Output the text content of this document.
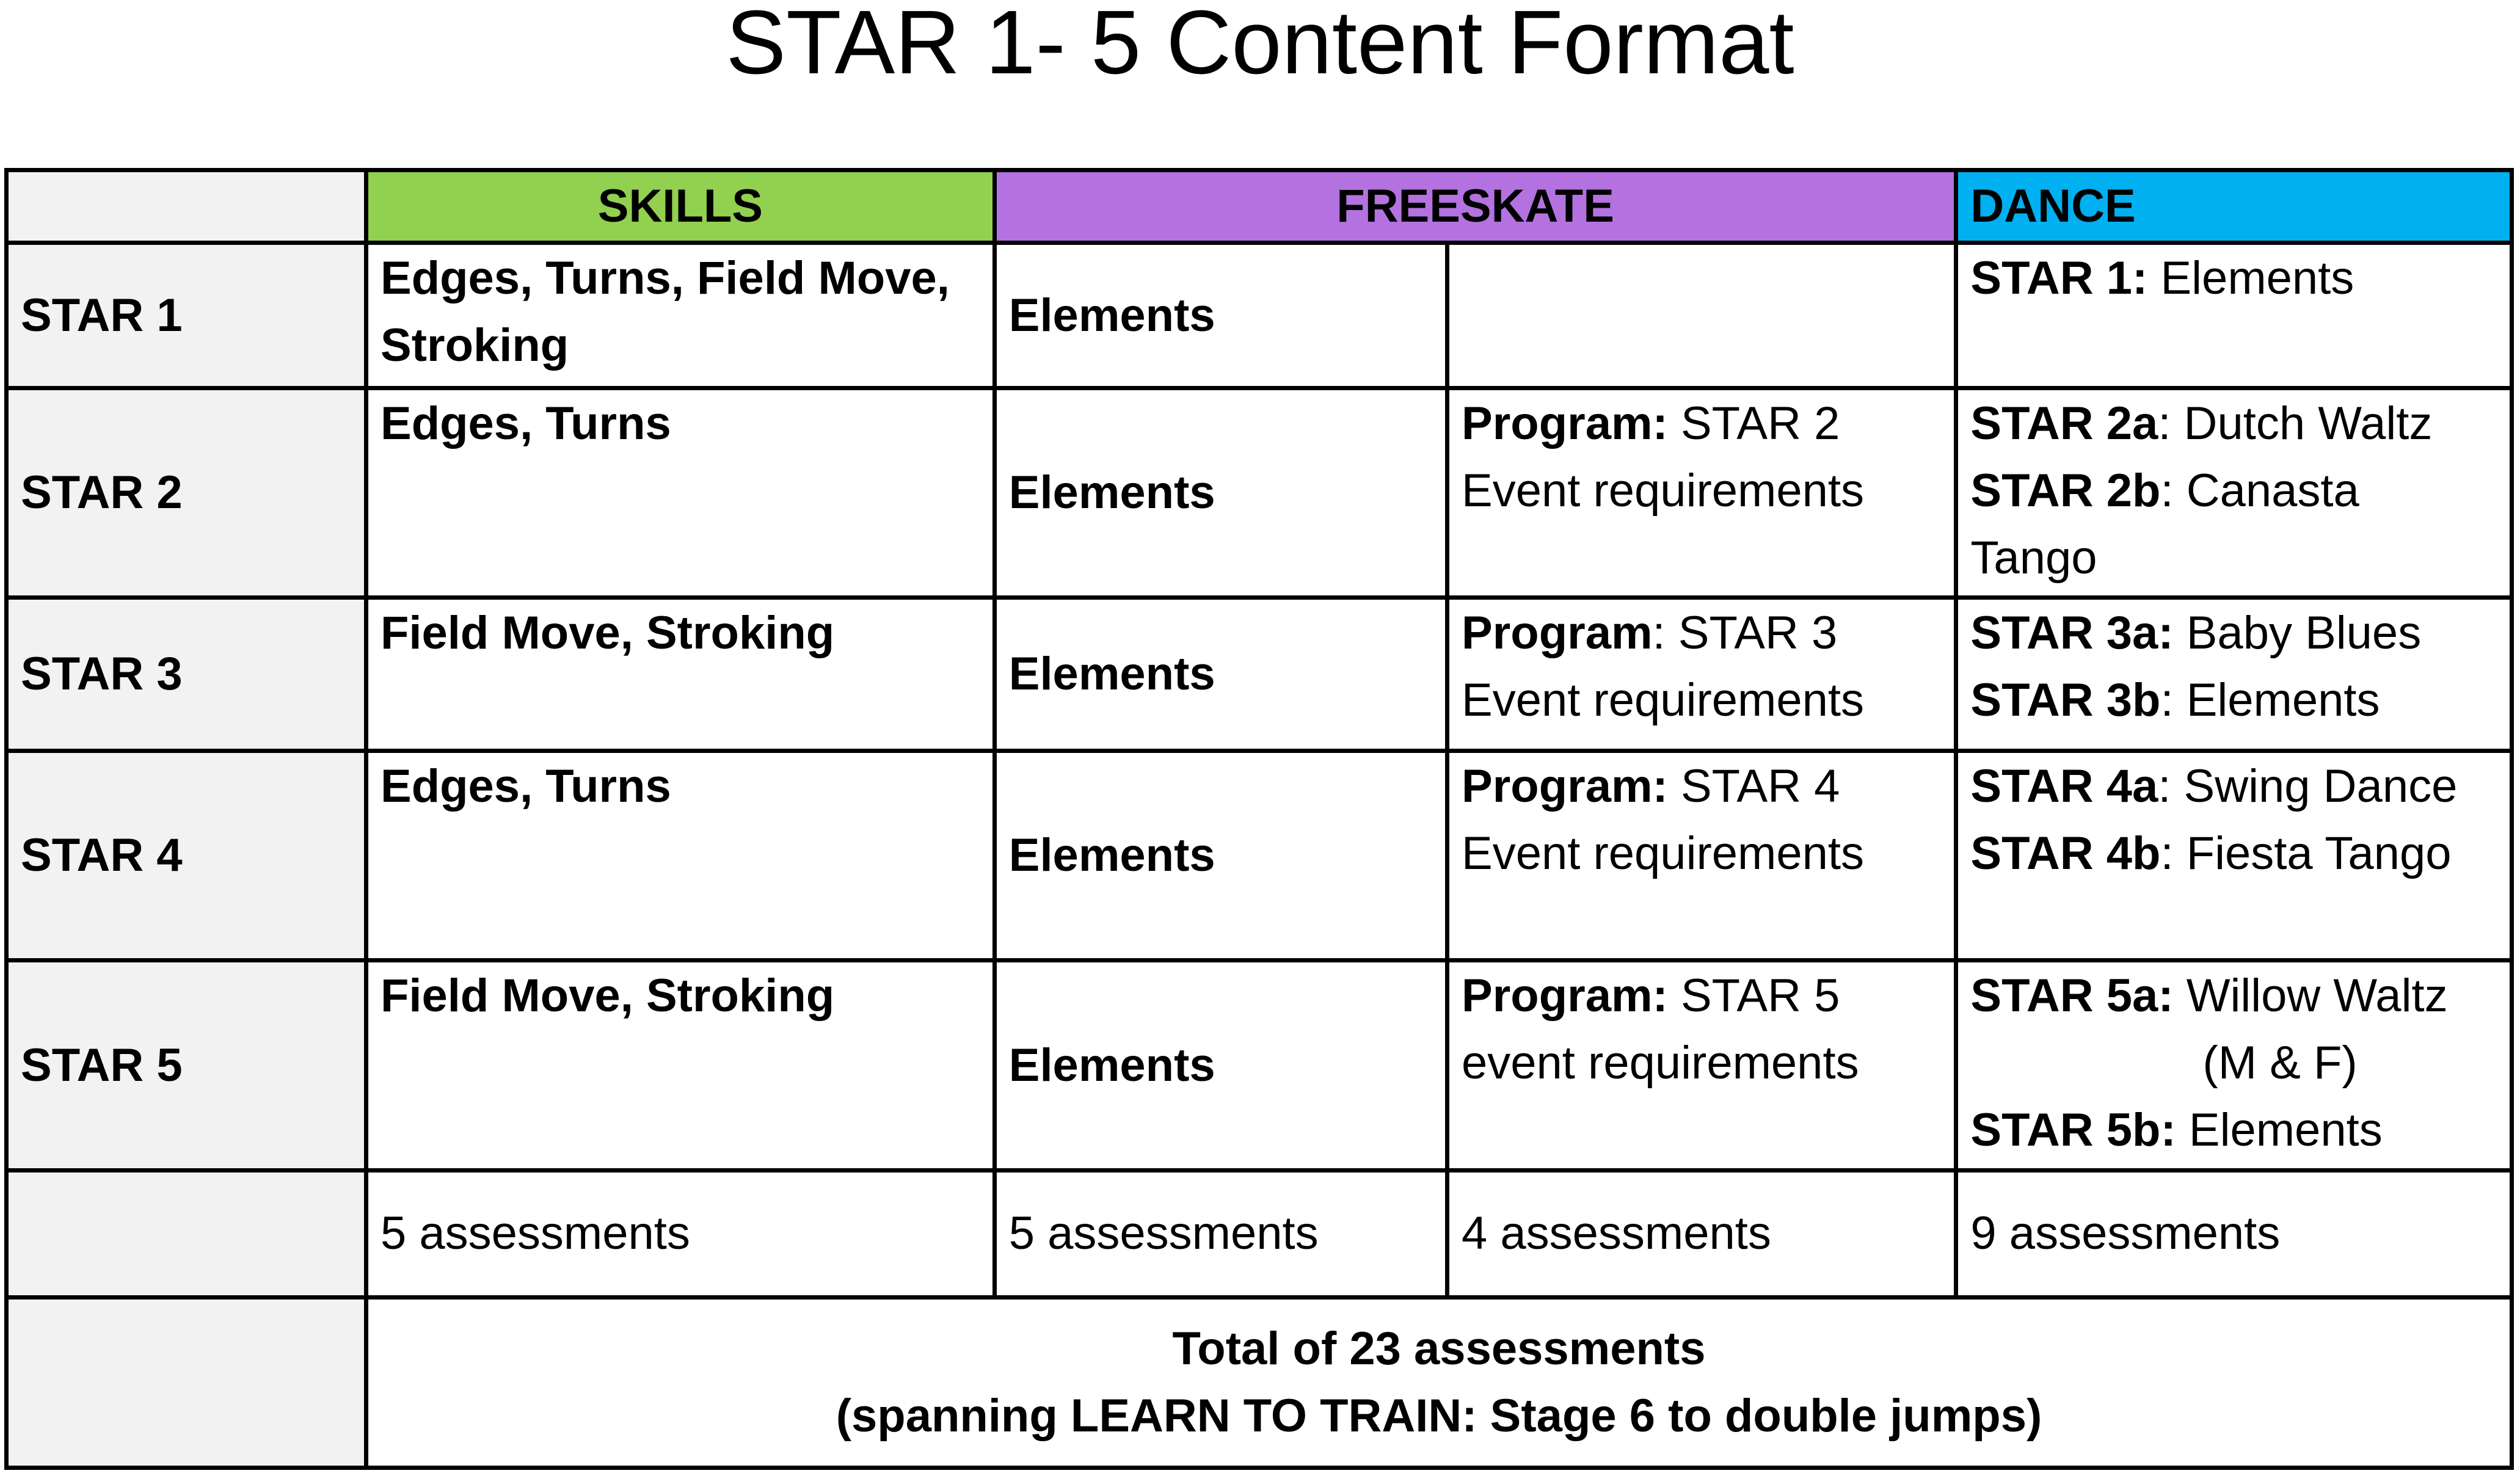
STAR 1- 5 Content Format
	SKILLS	FREESKATE		DANCE
STAR 1	Edges, Turns, Field Move,
Stroking	Elements		STAR 1: Elements

STAR 2	Edges, Turns	Elements	Program: STAR 2
Event requirements	STAR 2a: Dutch Waltz
STAR 2b: Canasta
Tango

STAR 3	Field Move, Stroking	Elements	Program: STAR 3
Event requirements	STAR 3a: Baby Blues
STAR 3b: Elements

STAR 4	Edges, Turns	Elements	Program: STAR 4
Event requirements	STAR 4a: Swing Dance
STAR 4b: Fiesta Tango

STAR 5	Field Move, Stroking	Elements	Program: STAR 5
event requirements	STAR 5a: Willow Waltz
(M & F)
STAR 5b: Elements

	5 assessments	5 assessments	4 assessments	9 assessments

	Total of 23 assessments
(spanning LEARN TO TRAIN: Stage 6 to double jumps)			
